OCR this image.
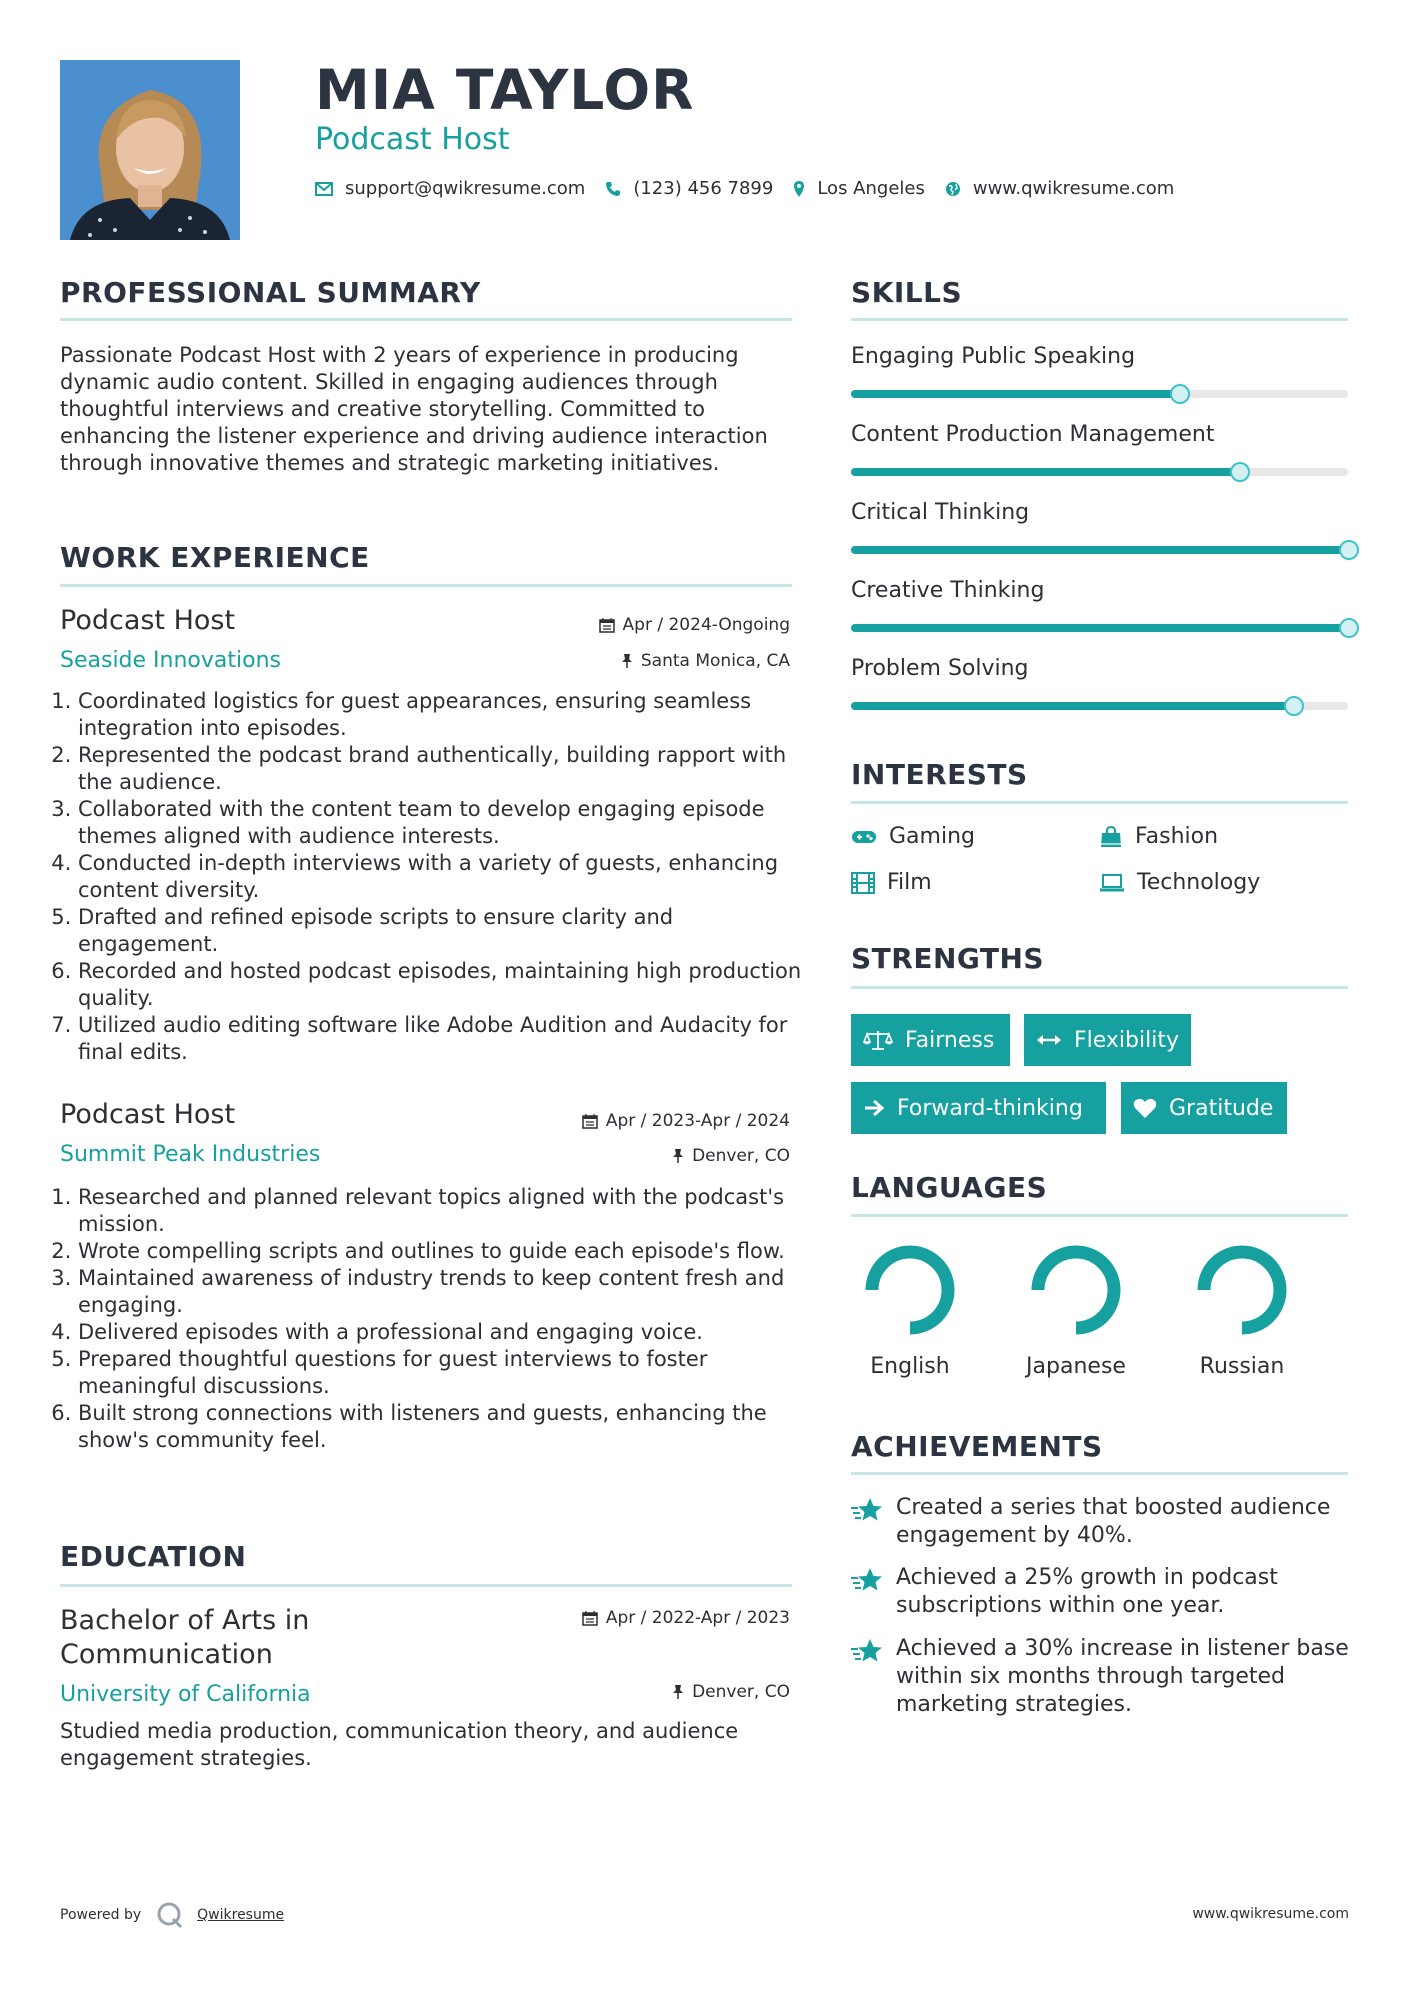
MIA TAYLOR
Podcast Host
support@qwikresume.com	(123) 456 7899 Los Angeles	www.qwikresume.com
PROFESSIONAL SUMMARY
Passionate Podcast Host with 2 years of experience in producing dynamic audio content. Skilled in engaging audiences through thoughtful interviews and creative storytelling. Committed to enhancing the listener experience and driving audience interaction through innovative themes and strategic marketing initiatives.
WORK EXPERIENCE
Podcast Host	Apr / 2024-Ongoing
Seaside Innovations	Santa Monica, CA
1. Coordinated logistics for guest appearances, ensuring seamless integration into episodes.
2. Represented the podcast brand authentically, building rapport with the audience.
3. Collaborated with the content team to develop engaging episode themes aligned with audience interests.
4. Conducted in-depth interviews with a variety of guests, enhancing content diversity.
5. Drafted and refined episode scripts to ensure clarity and engagement.
6. Recorded and hosted podcast episodes, maintaining high production quality.
7. Utilized audio editing software like Adobe Audition and Audacity for final edits.
Podcast Host	Apr / 2023-Apr / 2024
Summit Peak Industries	Denver, CO
1. Researched and planned relevant topics aligned with the podcast's mission.
2. Wrote compelling scripts and outlines to guide each episode's flow.
3. Maintained awareness of industry trends to keep content fresh and engaging.
4. Delivered episodes with a professional and engaging voice.
5. Prepared thoughtful questions for guest interviews to foster meaningful discussions.
6. Built strong connections with listeners and guests, enhancing the show's community feel.
EDUCATION
Bachelor of Arts in Communication
Apr / 2022-Apr / 2023
University of California	Denver, CO
Studied media production, communication theory, and audience engagement strategies.
SKILLS
Engaging Public Speaking
Content Production Management
Critical Thinking
Creative Thinking
Problem Solving
INTERESTS
Gaming	Fashion
Film	Technology
STRENGTHS
Fairness	Flexibility
Forward-thinking	Gratitude
LANGUAGES
English	Japanese	Russian
ACHIEVEMENTS
Created a series that boosted audience engagement by 40%.
Achieved a 25% growth in podcast subscriptions within one year.
Achieved a 30% increase in listener base within six months through targeted marketing strategies.
Powered by	Qwikresume	www.qwikresume.com
